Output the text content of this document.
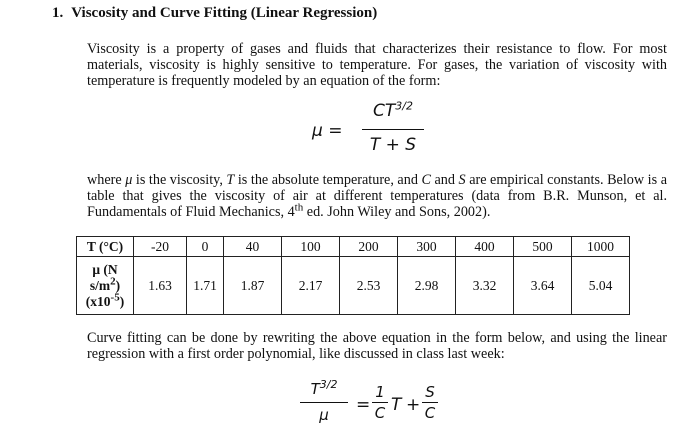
1. Viscosity and Curve Fitting (Linear Regression)
Viscosity is a property of gases and fluids that characterizes their resistance to flow. For most materials, viscosity is highly sensitive to temperature. For gases, the variation of viscosity with temperature is frequently modeled by an equation of the form:
μ =
$CT^{3/2}$
T + S
where μ is the viscosity, T is the absolute temperature, and C and S are empirical constants. Below is a table that gives the viscosity of air at different temperatures (data from B.R. Munson, et al. Fundamentals of Fluid Mechanics, 4th ed. John Wiley and Sons, 2002).
T (°C)	-20	0	40	100	200	300	400	500	1000
μ (N
$s/m^2$)
$(x10^{-5})$	1.63	1.71	1.87	2.17	2.53	2.98	3.32	3.64	5.04
Curve fitting can be done by rewriting the above equation in the form below, and using the linear regression with a first order polynomial, like discussed in class last week:
$T^{3/2}$
μ	=
1
C T +
S
C
